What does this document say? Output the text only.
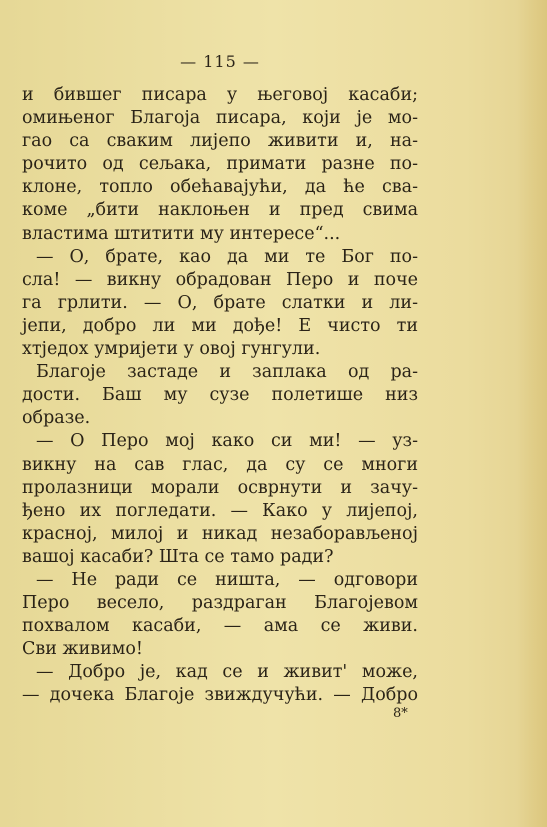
— 115 —
и бившег писара у његовој касаби;
омињеног Благоја писара, који је мо-
гао са сваким лијепо живити и, на-
рочито од сељака, примати разне по-
клоне, топло обећавајући, да ће сва-
коме „бити наклоњен и пред свима
властима штитити му интересе“...
— О, брате, као да ми те Бог по-
сла! — викну обрадован Перо и поче
га грлити. — О, брате слатки и ли-
јепи, добро ли ми дође! Е чисто ти
хтједох умријети у овој гунгули.
Благоје застаде и заплака од ра-
дости. Баш му сузе полетише низ
образе.
— О Перо мој како си ми! — уз-
викну на сав глас, да су се многи
пролазници морали осврнути и зачу-
ђено их погледати. — Како у лијепој,
красној, милој и никад незаборављеној
вашој касаби? Шта се тамо ради?
— Не ради се ништа, — одговори
Перо весело, раздраган Благојевом
похвалом касаби, — ама се живи.
Сви живимо!
— Добро је, кад се и живит' може,
— дочека Благоје звиждучући. — Добро
8*
